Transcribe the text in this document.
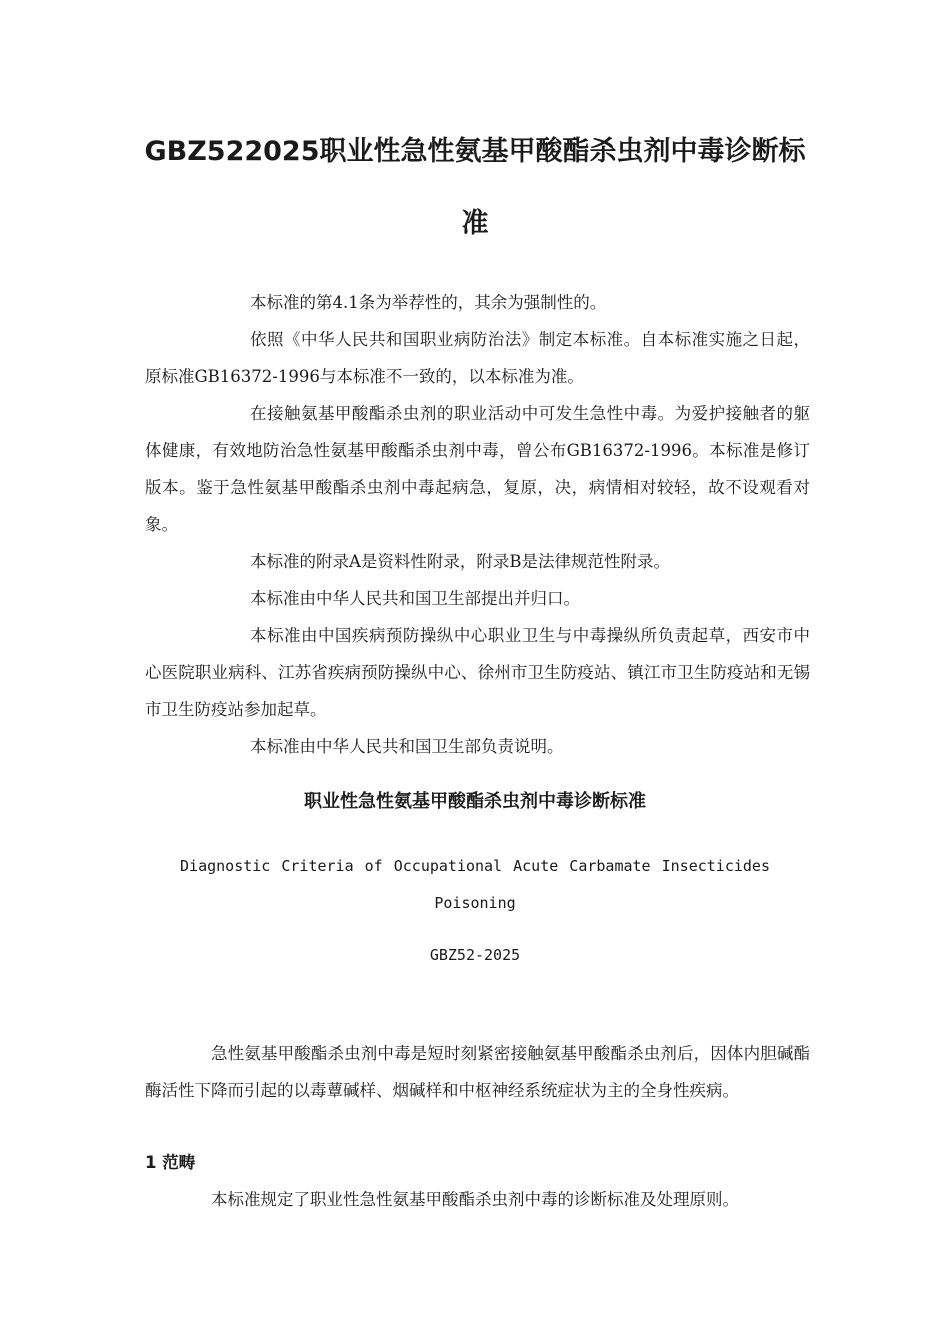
GBZ522025职业性急性氨基甲酸酯杀虫剂中毒诊断标
准

本标准的第4.1条为举荐性的，其余为强制性的。

依照《中华人民共和国职业病防治法》制定本标准。自本标准实施之日起，原标准GB16372-1996与本标准不一致的，以本标准为准。

在接触氨基甲酸酯杀虫剂的职业活动中可发生急性中毒。为爱护接触者的躯体健康，有效地防治急性氨基甲酸酯杀虫剂中毒，曾公布GB16372-1996。本标准是修订版本。鉴于急性氨基甲酸酯杀虫剂中毒起病急，复原，决，病情相对较轻，故不设观看对象。

本标准的附录A是资料性附录，附录B是法律规范性附录。

本标准由中华人民共和国卫生部提出并归口。

本标准由中国疾病预防操纵中心职业卫生与中毒操纵所负责起草，西安市中心医院职业病科、江苏省疾病预防操纵中心、徐州市卫生防疫站、镇江市卫生防疫站和无锡市卫生防疫站参加起草。

本标准由中华人民共和国卫生部负责说明。

职业性急性氨基甲酸酯杀虫剂中毒诊断标准
Diagnostic Criteria of Occupational Acute Carbamate Insecticides
Poisoning
GBZ52-2025

急性氨基甲酸酯杀虫剂中毒是短时刻紧密接触氨基甲酸酯杀虫剂后，因体内胆碱酯酶活性下降而引起的以毒蕈碱样、烟碱样和中枢神经系统症状为主的全身性疾病。

1 范畴

本标准规定了职业性急性氨基甲酸酯杀虫剂中毒的诊断标准及处理原则。
